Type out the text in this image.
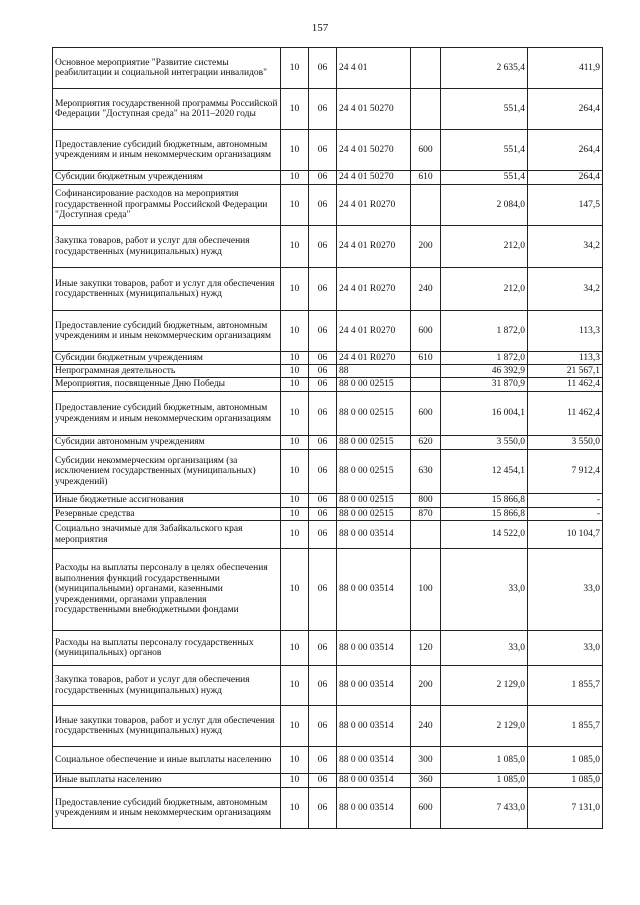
157
Основное мероприятие "Развитие системы реабилитации и социальной интеграции инвалидов"	10	06	24 4 01		2 635,4	411,9
Мероприятия государственной программы Российской Федерации "Доступная среда" на 2011–2020 годы	10	06	24 4 01 50270		551,4	264,4
Предоставление субсидий бюджетным, автономным учреждениям и иным некоммерческим организациям	10	06	24 4 01 50270	600	551,4	264,4
Субсидии бюджетным учреждениям	10	06	24 4 01 50270	610	551,4	264,4
Софинансирование расходов на мероприятия государственной программы Российской Федерации "Доступная среда"	10	06	24 4 01 R0270		2 084,0	147,5
Закупка товаров, работ и услуг для обеспечения государственных (муниципальных) нужд	10	06	24 4 01 R0270	200	212,0	34,2
Иные закупки товаров, работ и услуг для обеспечения государственных (муниципальных) нужд	10	06	24 4 01 R0270	240	212,0	34,2
Предоставление субсидий бюджетным, автономным учреждениям и иным некоммерческим организациям	10	06	24 4 01 R0270	600	1 872,0	113,3
Субсидии бюджетным учреждениям	10	06	24 4 01 R0270	610	1 872,0	113,3
Непрограммная деятельность	10	06	88		46 392,9	21 567,1
Мероприятия, посвященные Дню Победы	10	06	88 0 00 02515		31 870,9	11 462,4
Предоставление субсидий бюджетным, автономным учреждениям и иным некоммерческим организациям	10	06	88 0 00 02515	600	16 004,1	11 462,4
Субсидии автономным учреждениям	10	06	88 0 00 02515	620	3 550,0	3 550,0
Субсидии некоммерческим организациям (за исключением государственных (муниципальных) учреждений)	10	06	88 0 00 02515	630	12 454,1	7 912,4
Иные бюджетные ассигнования	10	06	88 0 00 02515	800	15 866,8	-
Резервные средства	10	06	88 0 00 02515	870	15 866,8	-
Социально значимые для Забайкальского края мероприятия	10	06	88 0 00 03514		14 522,0	10 104,7
Расходы на выплаты персоналу в целях обеспечения выполнения функций государственными (муниципальными) органами, казенными учреждениями, органами управления государственными внебюджетными фондами	10	06	88 0 00 03514	100	33,0	33,0
Расходы на выплаты персоналу государственных (муниципальных) органов	10	06	88 0 00 03514	120	33,0	33,0
Закупка товаров, работ и услуг для обеспечения государственных (муниципальных) нужд	10	06	88 0 00 03514	200	2 129,0	1 855,7
Иные закупки товаров, работ и услуг для обеспечения государственных (муниципальных) нужд	10	06	88 0 00 03514	240	2 129,0	1 855,7
Социальное обеспечение и иные выплаты населению	10	06	88 0 00 03514	300	1 085,0	1 085,0
Иные выплаты населению	10	06	88 0 00 03514	360	1 085,0	1 085,0
Предоставление субсидий бюджетным, автономным учреждениям и иным некоммерческим организациям	10	06	88 0 00 03514	600	7 433,0	7 131,0
